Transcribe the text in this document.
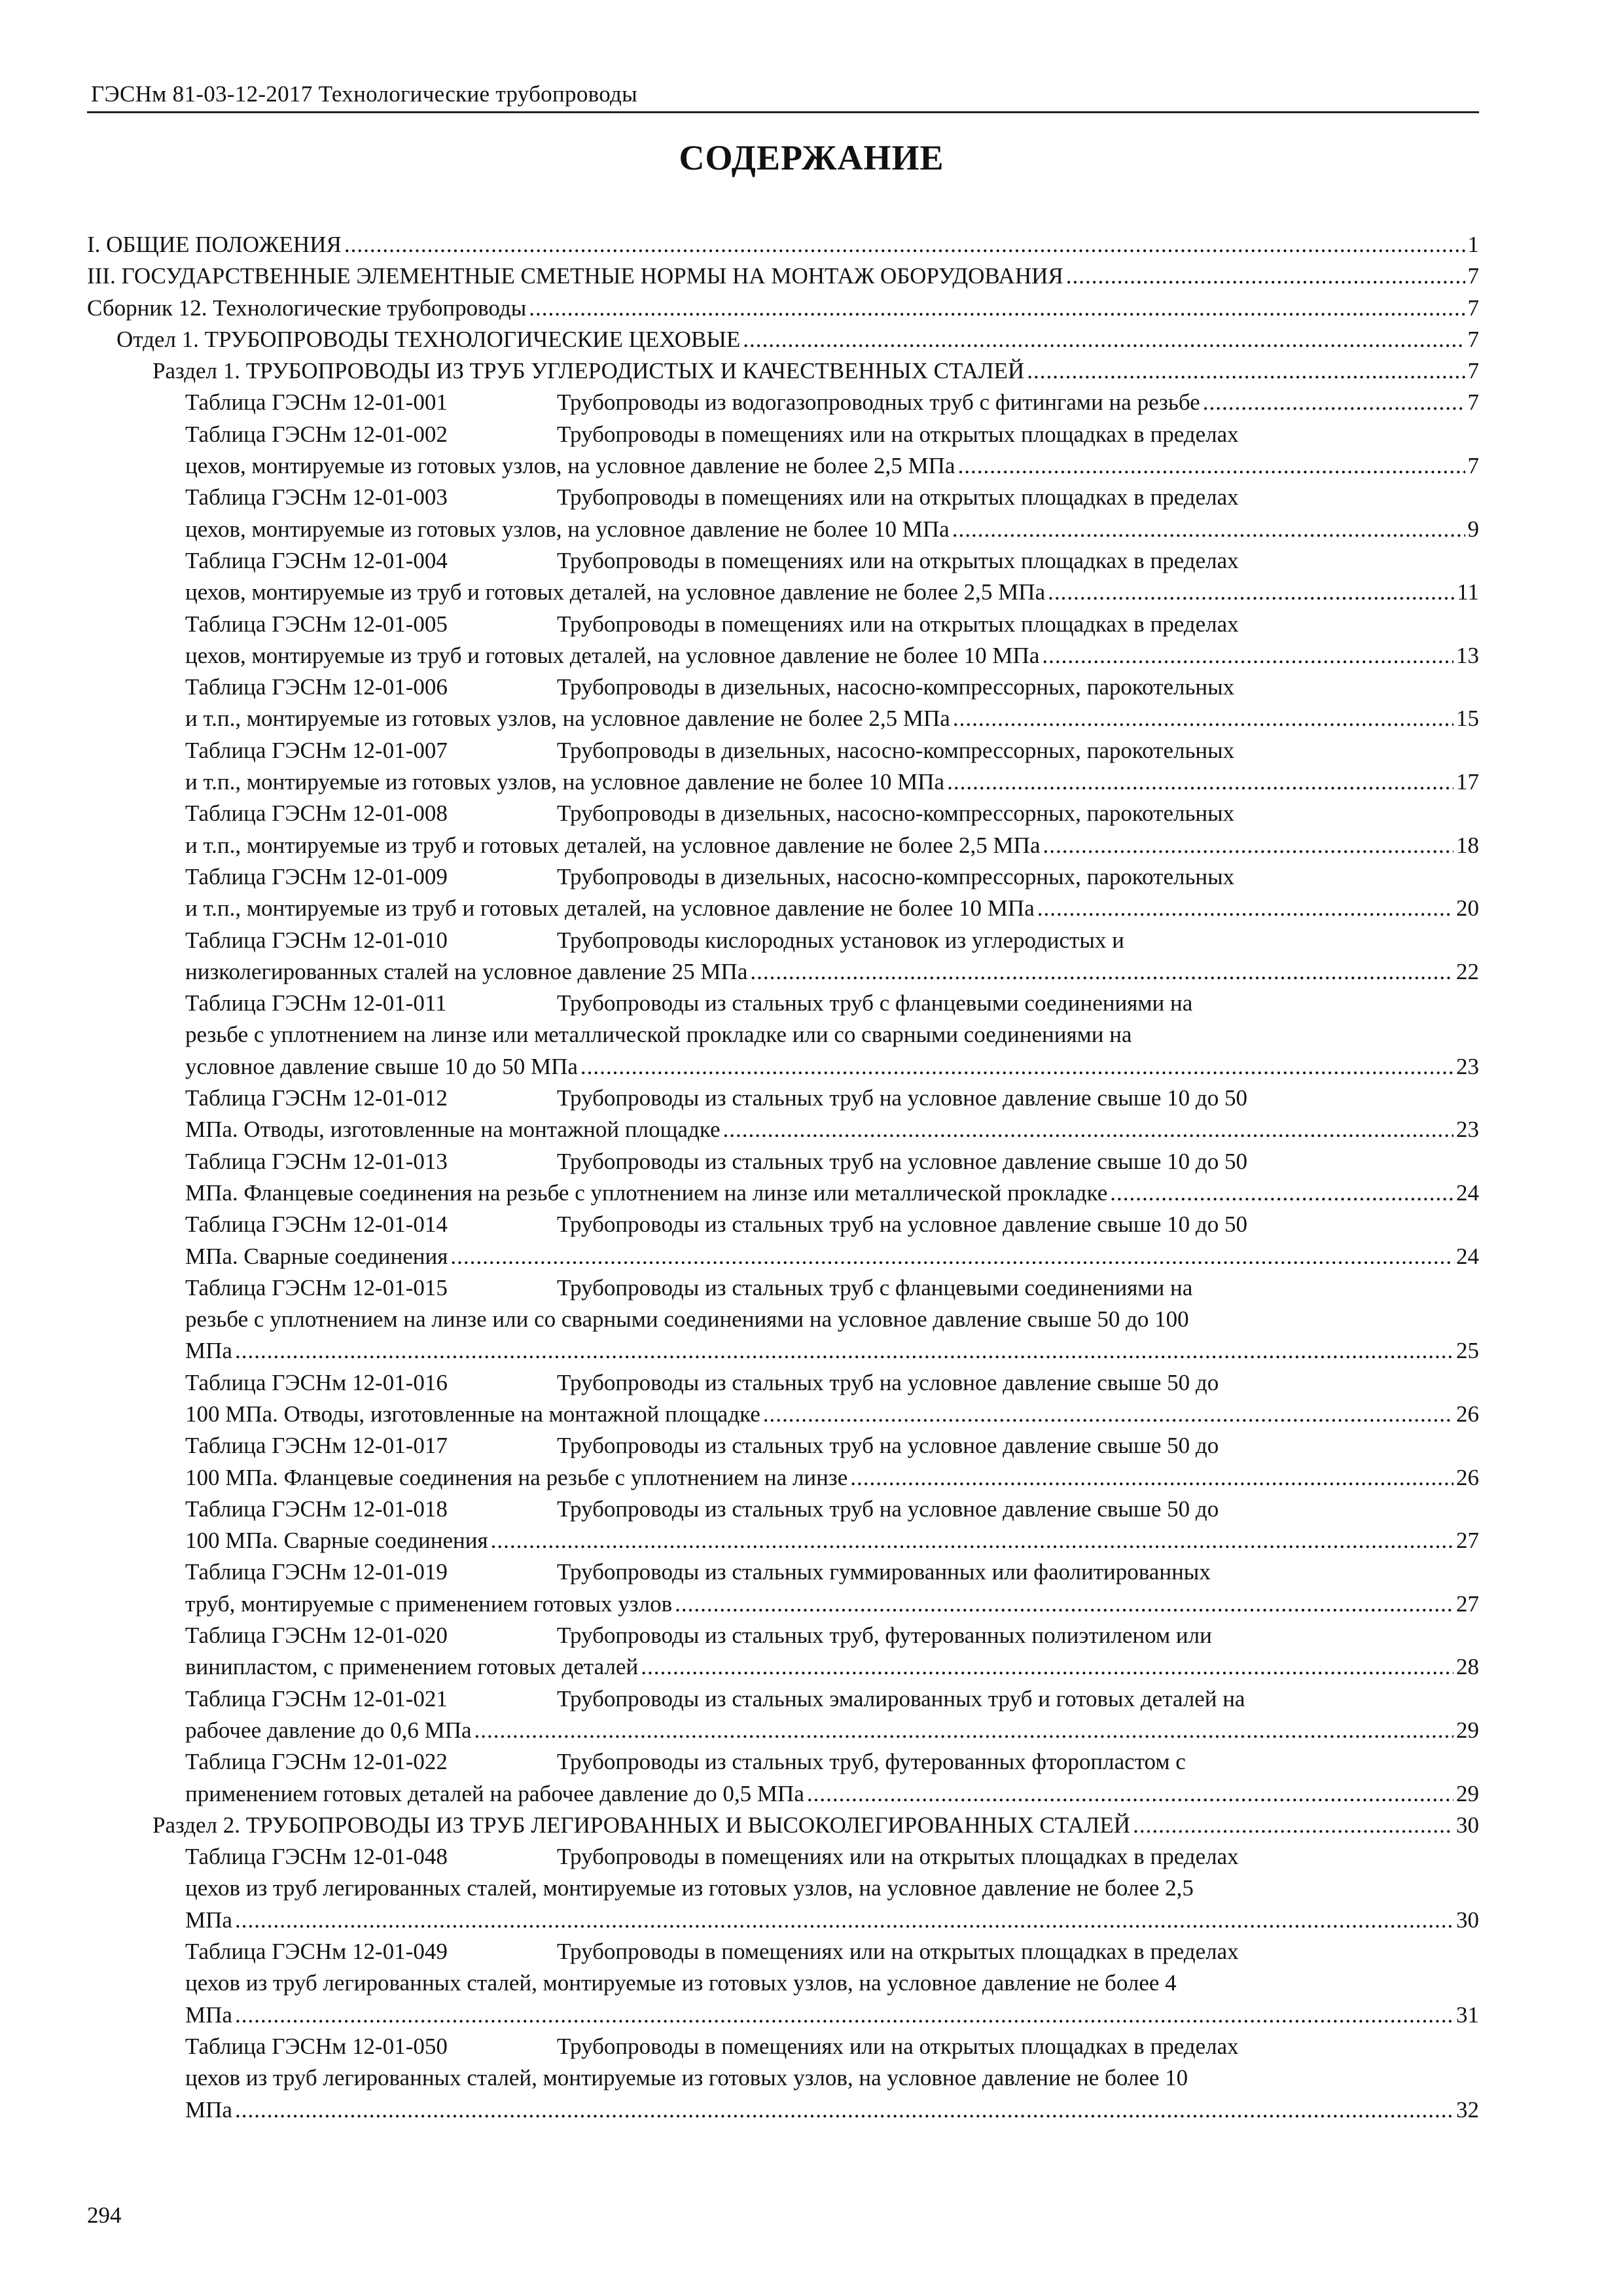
ГЭСНм 81-03-12-2017 Технологические трубопроводы
СОДЕРЖАНИЕ
I. ОБЩИЕ ПОЛОЖЕНИЯ .....	1
III. ГОСУДАРСТВЕННЫЕ ЭЛЕМЕНТНЫЕ СМЕТНЫЕ НОРМЫ НА МОНТАЖ ОБОРУДОВАНИЯ .....	7
Сборник 12. Технологические трубопроводы .....	7
Отдел 1. ТРУБОПРОВОДЫ ТЕХНОЛОГИЧЕСКИЕ ЦЕХОВЫЕ .....	7
Раздел 1. ТРУБОПРОВОДЫ ИЗ ТРУБ УГЛЕРОДИСТЫХ И КАЧЕСТВЕННЫХ СТАЛЕЙ .....	7
Таблица ГЭСНм 12-01-001	Трубопроводы из водогазопроводных труб с фитингами на резьбе .....	7
Таблица ГЭСНм 12-01-002	Трубопроводы в помещениях или на открытых площадках в пределах
цехов, монтируемые из готовых узлов, на условное давление не более 2,5 МПа .....	7
Таблица ГЭСНм 12-01-003	Трубопроводы в помещениях или на открытых площадках в пределах
цехов, монтируемые из готовых узлов, на условное давление не более 10 МПа .....	9
Таблица ГЭСНм 12-01-004	Трубопроводы в помещениях или на открытых площадках в пределах
цехов, монтируемые из труб и готовых деталей, на условное давление не более 2,5 МПа .....	11
Таблица ГЭСНм 12-01-005	Трубопроводы в помещениях или на открытых площадках в пределах
цехов, монтируемые из труб и готовых деталей, на условное давление не более 10 МПа .....	13
Таблица ГЭСНм 12-01-006	Трубопроводы в дизельных, насосно-компрессорных, парокотельных
и т.п., монтируемые из готовых узлов, на условное давление не более 2,5 МПа .....	15
Таблица ГЭСНм 12-01-007	Трубопроводы в дизельных, насосно-компрессорных, парокотельных
и т.п., монтируемые из готовых узлов, на условное давление не более 10 МПа .....	17
Таблица ГЭСНм 12-01-008	Трубопроводы в дизельных, насосно-компрессорных, парокотельных
и т.п., монтируемые из труб и готовых деталей, на условное давление не более 2,5 МПа .....	18
Таблица ГЭСНм 12-01-009	Трубопроводы в дизельных, насосно-компрессорных, парокотельных
и т.п., монтируемые из труб и готовых деталей, на условное давление не более 10 МПа .....	20
Таблица ГЭСНм 12-01-010	Трубопроводы кислородных установок из углеродистых и
низколегированных сталей на условное давление 25 МПа .....	22
Таблица ГЭСНм 12-01-011	Трубопроводы из стальных труб с фланцевыми соединениями на
резьбе с уплотнением на линзе или металлической прокладке или со сварными соединениями на
условное давление свыше 10 до 50 МПа .....	23
Таблица ГЭСНм 12-01-012	Трубопроводы из стальных труб на условное давление свыше 10 до 50
МПа. Отводы, изготовленные на монтажной площадке .....	23
Таблица ГЭСНм 12-01-013	Трубопроводы из стальных труб на условное давление свыше 10 до 50
МПа. Фланцевые соединения на резьбе с уплотнением на линзе или металлической прокладке .....	24
Таблица ГЭСНм 12-01-014	Трубопроводы из стальных труб на условное давление свыше 10 до 50
МПа. Сварные соединения .....	24
Таблица ГЭСНм 12-01-015	Трубопроводы из стальных труб с фланцевыми соединениями на
резьбе с уплотнением на линзе или со сварными соединениями на условное давление свыше 50 до 100
МПа .....	25
Таблица ГЭСНм 12-01-016	Трубопроводы из стальных труб на условное давление свыше 50 до
100 МПа. Отводы, изготовленные на монтажной площадке .....	26
Таблица ГЭСНм 12-01-017	Трубопроводы из стальных труб на условное давление свыше 50 до
100 МПа. Фланцевые соединения на резьбе с уплотнением на линзе .....	26
Таблица ГЭСНм 12-01-018	Трубопроводы из стальных труб на условное давление свыше 50 до
100 МПа. Сварные соединения .....	27
Таблица ГЭСНм 12-01-019	Трубопроводы из стальных гуммированных или фаолитированных
труб, монтируемые с применением готовых узлов .....	27
Таблица ГЭСНм 12-01-020	Трубопроводы из стальных труб, футерованных полиэтиленом или
винипластом, с применением готовых деталей .....	28
Таблица ГЭСНм 12-01-021	Трубопроводы из стальных эмалированных труб и готовых деталей на
рабочее давление до 0,6 МПа .....	29
Таблица ГЭСНм 12-01-022	Трубопроводы из стальных труб, футерованных фторопластом с
применением готовых деталей на рабочее давление до 0,5 МПа .....	29
Раздел 2. ТРУБОПРОВОДЫ ИЗ ТРУБ ЛЕГИРОВАННЫХ И ВЫСОКОЛЕГИРОВАННЫХ СТАЛЕЙ .....	30
Таблица ГЭСНм 12-01-048	Трубопроводы в помещениях или на открытых площадках в пределах
цехов из труб легированных сталей, монтируемые из готовых узлов, на условное давление не более 2,5
МПа .....	30
Таблица ГЭСНм 12-01-049	Трубопроводы в помещениях или на открытых площадках в пределах
цехов из труб легированных сталей, монтируемые из готовых узлов, на условное давление не более 4
МПа .....	31
Таблица ГЭСНм 12-01-050	Трубопроводы в помещениях или на открытых площадках в пределах
цехов из труб легированных сталей, монтируемые из готовых узлов, на условное давление не более 10
МПа .....	32
294
